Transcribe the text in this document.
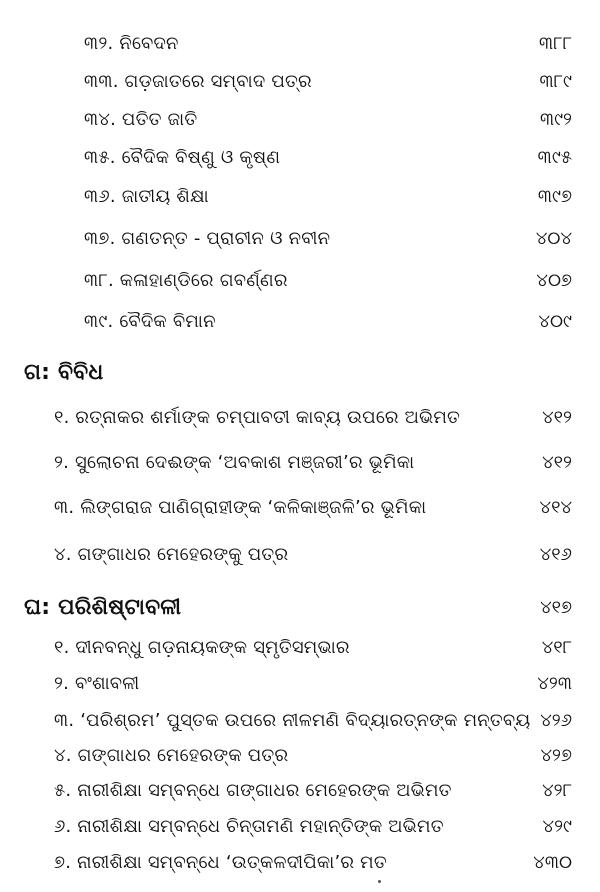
୩୨. ନିବେଦନ	୩୮୮
୩୩. ଗଡ଼ଜାତରେ ସମ୍ବାଦ ପତ୍ର	୩୮୯
୩୪. ପତିତ ଜାତି	୩୯୨
୩୫. ବୈଦିକ ବିଷ୍ଣୁ ଓ କୃଷ୍ଣ	୩୯୫
୩୬. ଜାତୀୟ ଶିକ୍ଷା	୩୯୭
୩୭. ଗଣତନ୍ତ - ପ୍ରାଚୀନ ଓ ନବୀନ	୪୦୪
୩୮. କଳାହାଣ୍ଡିରେ ଗବର୍ଣ୍ଣର	୪୦୭
୩୯. ବୈଦିକ ବିମାନ	୪୦୯
ଗ: ବିବିଧ
୧. ରତ୍ନାକର ଶର୍ମାଙ୍କ ଚମ୍ପାବତୀ କାବ୍ୟ ଉପରେ ଅଭିମତ	୪୧୨
୨. ସୁଲୋଚନା ଦେଈଙ୍କ ‘ଅବକାଶ ମଞ୍ଜରୀ’ର ଭୂମିକା	୪୧୨
୩. ଲିଙ୍ଗରାଜ ପାଣିଗ୍ରାହୀଙ୍କ ‘କଳିକାଞ୍ଜଳି’ର ଭୂମିକା	୪୧୪
୪. ଗଙ୍ଗାଧର ମେହେରଙ୍କୁ ପତ୍ର	୪୧୬
ଘ: ପରିଶିଷ୍ଟାବଳୀ	୪୧୭
୧. ଦୀନବନ୍ଧୁ ଗଡ଼ନାୟକଙ୍କ ସ୍ମୃତିସମ୍ଭାର	୪୧୮
୨. ବଂଶାବଳୀ	୪୨୩
୩. ‘ପରିଶ୍ରମ’ ପୁସ୍ତକ ଉପରେ ନୀଳମଣି ବିଦ୍ୟାରତ୍ନଙ୍କ ମନ୍ତବ୍ୟ ୪୨୬
୪. ଗଙ୍ଗାଧର ମେହେରଙ୍କ ପତ୍ର	୪୨୭
୫. ନାରୀଶିକ୍ଷା ସମ୍ବନ୍ଧେ ଗଙ୍ଗାଧର ମେହେରଙ୍କ ଅଭିମତ	୪୨୮
୬. ନାରୀଶିକ୍ଷା ସମ୍ବନ୍ଧେ ଚିନ୍ତାମଣି ମହାନ୍ତିଙ୍କ ଅଭିମତ	୪୨୯
୭. ନାରୀଶିକ୍ଷା ସମ୍ବନ୍ଧେ ‘ଉତ୍କଳଦୀପିକା’ର ମତ	୪୩୦
